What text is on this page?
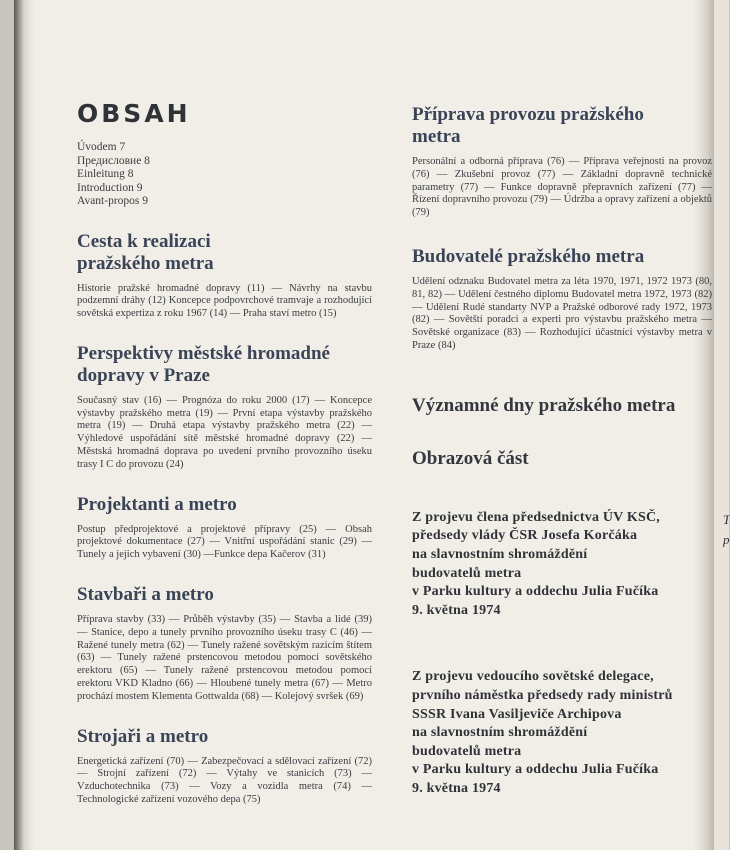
OBSAH
Úvodem 7
Предисловие 8
Einleitung 8
Introduction 9
Avant-propos 9
Cesta k realizaci pražského metra

Historie pražské hromadné dopravy (11) — Návrhy na stavbu podzemní dráhy (12) Koncepce podpovrchové tramvaje a rozhodující sovětská expertiza z roku 1967 (14) — Praha staví metro (15)

Perspektivy městské hromadné dopravy v Praze

Současný stav (16) — Prognóza do roku 2000 (17) — Koncepce výstavby pražského metra (19) — První etapa výstavby pražského metra (19) — Druhá etapa výstavby pražského metra (22) — Výhledové uspořádání sítě městské hromadné dopravy (22) — Městská hromadná doprava po uvedení prvního provozního úseku trasy I C do provozu (24)

Projektanti a metro

Postup předprojektové a projektové přípravy (25) — Obsah projektové dokumentace (27) — Vnitřní uspořádání stanic (29) — Tunely a jejich vybavení (30) —Funkce depa Kačerov (31)

Stavbaři a metro

Příprava stavby (33) — Průběh výstavby (35) — Stavba a lidé (39) — Stanice, depo a tunely prvního provozního úseku trasy C (46) — Ražené tunely metra (62) — Tunely ražené sovětským razicím štítem (63) — Tunely ražené prstencovou metodou pomocí sovětského erektoru (65) — Tunely ražené prstencovou metodou pomocí erektoru VKD Kladno (66) — Hloubené tunely metra (67) — Metro prochází mostem Klementa Gottwalda (68) — Kolejový svršek (69)

Strojaři a metro

Energetická zařízení (70) — Zabezpečovací a sdělovací zařízení (72) — Strojní zařízení (72) — Výtahy ve stanicích (73) — Vzduchotechnika (73) — Vozy a vozidla metra (74) — Technologické zařízení vozového depa (75)

Příprava provozu pražského metra

Personální a odborná příprava (76) — Příprava veřejnosti na provoz (76) — Zkušební provoz (77) — Základní dopravně technické parametry (77) — Funkce dopravně přepravních zařízení (77) — Řízení dopravního provozu (79) — Údržba a opravy zařízení a objektů (79)

Budovatelé pražského metra

Udělení odznaku Budovatel metra za léta 1970, 1971, 1972 1973 (80, 81, 82) — Udělení čestného diplomu Budovatel metra 1972, 1973 (82) — Udělení Rudé standarty NVP a Pražské odborové rady 1972, 1973 (82) — Sovětští poradci a experti pro výstavbu pražského metra — Sovětské organizace (83) — Rozhodující účastníci výstavby metra v Praze (84)

Významné dny pražského metra
Obrazová část
Z projevu člena předsednictva ÚV KSČ,
předsedy vlády ČSR Josefa Korčáka
na slavnostním shromáždění
budovatelů metra
v Parku kultury a oddechu Julia Fučíka
9. května 1974
Z projevu vedoucího sovětské delegace,
prvního náměstka předsedy rady ministrů
SSSR Ivana Vasiljeviče Archipova
na slavnostním shromáždění
budovatelů metra
v Parku kultury a oddechu Julia Fučíka
9. května 1974
T
p
